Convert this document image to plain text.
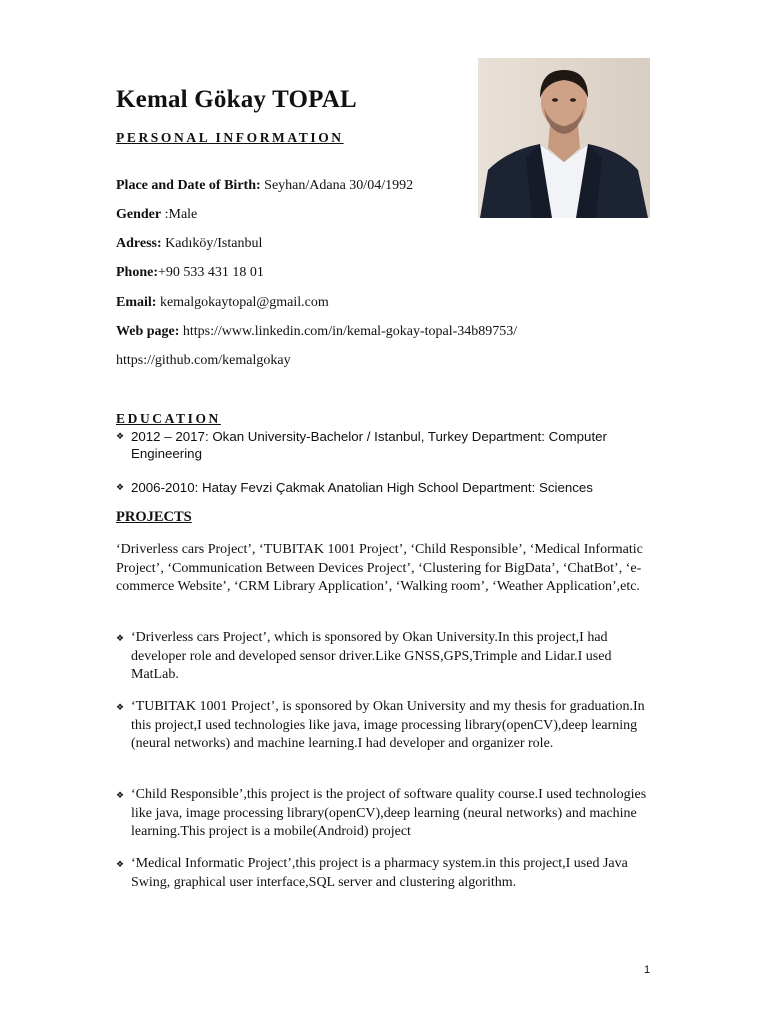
Kemal Gökay TOPAL
PERSONAL INFORMATION
Place and Date of Birth: Seyhan/Adana 30/04/1992
Gender :Male
Adress: Kadıköy/Istanbul
Phone:+90 533 431 18 01
Email: kemalgokaytopal@gmail.com
Web page: https://www.linkedin.com/in/kemal-gokay-topal-34b89753/
https://github.com/kemalgokay
EDUCATION
❖ 2012 – 2017: Okan University-Bachelor / Istanbul, Turkey Department: Computer Engineering
❖ 2006-2010: Hatay Fevzi Çakmak Anatolian High School Department: Sciences
PROJECTS
‘Driverless cars Project’, ‘TUBITAK 1001 Project’, ‘Child Responsible’, ‘Medical Informatic Project’, ‘Communication Between Devices Project’, ‘Clustering for BigData’, ‘ChatBot’, ‘e-commerce Website’, ‘CRM Library Application’, ‘Walking room’, ‘Weather Application’,etc.
❖ ‘Driverless cars Project’, which is sponsored by Okan University.In this project,I had developer role and developed sensor driver.Like GNSS,GPS,Trimple and Lidar.I used MatLab.
❖ ‘TUBITAK 1001 Project’, is sponsored by Okan University and my thesis for graduation.In this project,I used technologies like java, image processing library(openCV),deep learning (neural networks) and machine learning.I had developer and organizer role.
❖ ‘Child Responsible’,this project is the project of software quality course.I used technologies like java, image processing library(openCV),deep learning (neural networks) and machine learning.This project is a mobile(Android) project
❖ ‘Medical Informatic Project’,this project is a pharmacy system.in this project,I used Java Swing, graphical user interface,SQL server and clustering algorithm.
1
